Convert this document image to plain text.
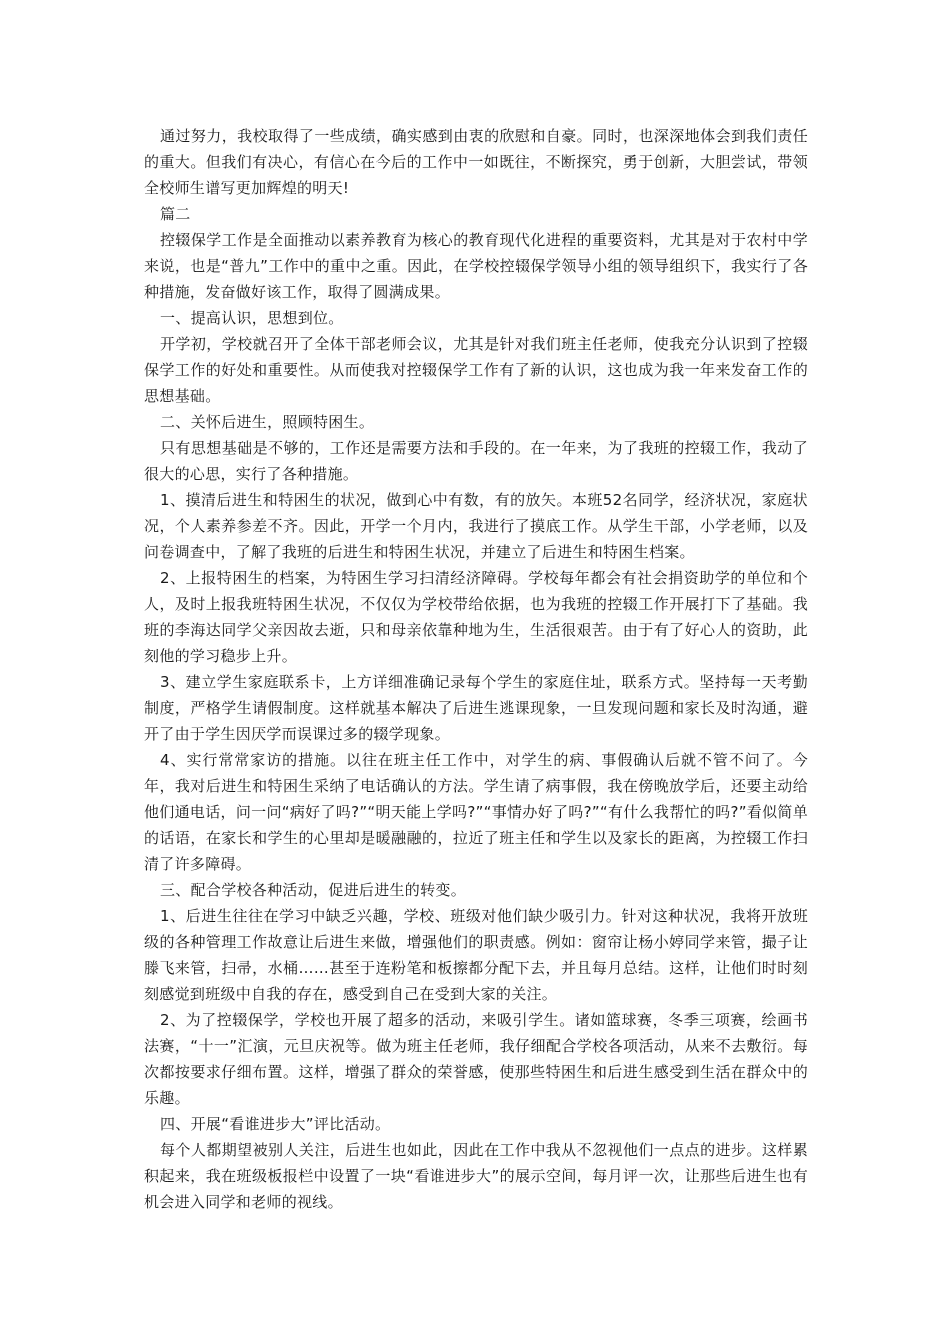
通过努力，我校取得了一些成绩，确实感到由衷的欣慰和自豪。同时，也深深地体会到我们责任的重大。但我们有决心，有信心在今后的工作中一如既往，不断探究，勇于创新，大胆尝试，带领全校师生谱写更加辉煌的明天!

篇二

控辍保学工作是全面推动以素养教育为核心的教育现代化进程的重要资料，尤其是对于农村中学来说，也是“普九”工作中的重中之重。因此，在学校控辍保学领导小组的领导组织下，我实行了各种措施，发奋做好该工作，取得了圆满成果。

一、提高认识，思想到位。

开学初，学校就召开了全体干部老师会议，尤其是针对我们班主任老师，使我充分认识到了控辍保学工作的好处和重要性。从而使我对控辍保学工作有了新的认识，这也成为我一年来发奋工作的思想基础。

二、关怀后进生，照顾特困生。

只有思想基础是不够的，工作还是需要方法和手段的。在一年来，为了我班的控辍工作，我动了很大的心思，实行了各种措施。

1、摸清后进生和特困生的状况，做到心中有数，有的放矢。本班52名同学，经济状况，家庭状况，个人素养参差不齐。因此，开学一个月内，我进行了摸底工作。从学生干部，小学老师，以及问卷调查中，了解了我班的后进生和特困生状况，并建立了后进生和特困生档案。

2、上报特困生的档案，为特困生学习扫清经济障碍。学校每年都会有社会捐资助学的单位和个人，及时上报我班特困生状况，不仅仅为学校带给依据，也为我班的控辍工作开展打下了基础。我班的李海达同学父亲因故去逝，只和母亲依靠种地为生，生活很艰苦。由于有了好心人的资助，此刻他的学习稳步上升。

3、建立学生家庭联系卡，上方详细准确记录每个学生的家庭住址，联系方式。坚持每一天考勤制度，严格学生请假制度。这样就基本解决了后进生逃课现象，一旦发现问题和家长及时沟通，避开了由于学生因厌学而误课过多的辍学现象。

4、实行常常家访的措施。以往在班主任工作中，对学生的病、事假确认后就不管不问了。今年，我对后进生和特困生采纳了电话确认的方法。学生请了病事假，我在傍晚放学后，还要主动给他们通电话，问一问“病好了吗?”“明天能上学吗?”“事情办好了吗?”“有什么我帮忙的吗?”看似简单的话语，在家长和学生的心里却是暖融融的，拉近了班主任和学生以及家长的距离，为控辍工作扫清了许多障碍。

三、配合学校各种活动，促进后进生的转变。

1、后进生往往在学习中缺乏兴趣，学校、班级对他们缺少吸引力。针对这种状况，我将开放班级的各种管理工作故意让后进生来做，增强他们的职责感。例如：窗帘让杨小婷同学来管，撮子让滕飞来管，扫帚，水桶……甚至于连粉笔和板擦都分配下去，并且每月总结。这样，让他们时时刻刻感觉到班级中自我的存在，感受到自己在受到大家的关注。

2、为了控辍保学，学校也开展了超多的活动，来吸引学生。诸如篮球赛，冬季三项赛，绘画书法赛，“十一”汇演，元旦庆祝等。做为班主任老师，我仔细配合学校各项活动，从来不去敷衍。每次都按要求仔细布置。这样，增强了群众的荣誉感，使那些特困生和后进生感受到生活在群众中的乐趣。

四、开展“看谁进步大”评比活动。

每个人都期望被别人关注，后进生也如此，因此在工作中我从不忽视他们一点点的进步。这样累积起来，我在班级板报栏中设置了一块“看谁进步大”的展示空间，每月评一次，让那些后进生也有机会进入同学和老师的视线。
